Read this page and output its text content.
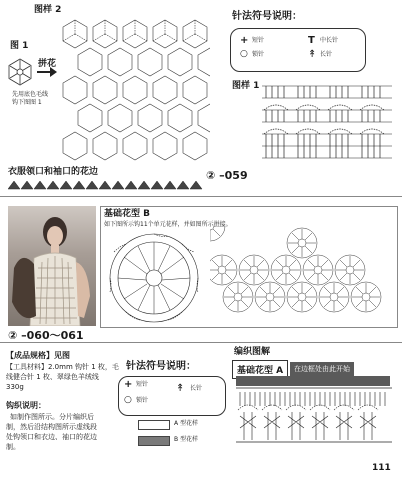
图样 2
图 1
拼花
先用底色毛线
钩下图图 1
衣服领口和袖口的花边	② –059
针法符号说明：
+ 短针	T 中长针
○ 锁针	↟ 长针
图样 1
② –060～061
基础花型 B
如下图所示钩11个单元花样，并如图所示拼接。
【成品规格】见图
【工具材料】2.0mm 钩针 1 枚，毛
线健合针 1 枚、翠绿色羊绒线
330g
钩织说明：
如制作图所示。分片编织后
制，然后沿结构图所示虚线段
处钩领口和衣边、袖口的花边
制。
针法符号说明：
+ 短针	↟ 长针
○ 锁针
A 型花样
B 型花样
编织图解
基础花型 A	在边框处由此开始
111
